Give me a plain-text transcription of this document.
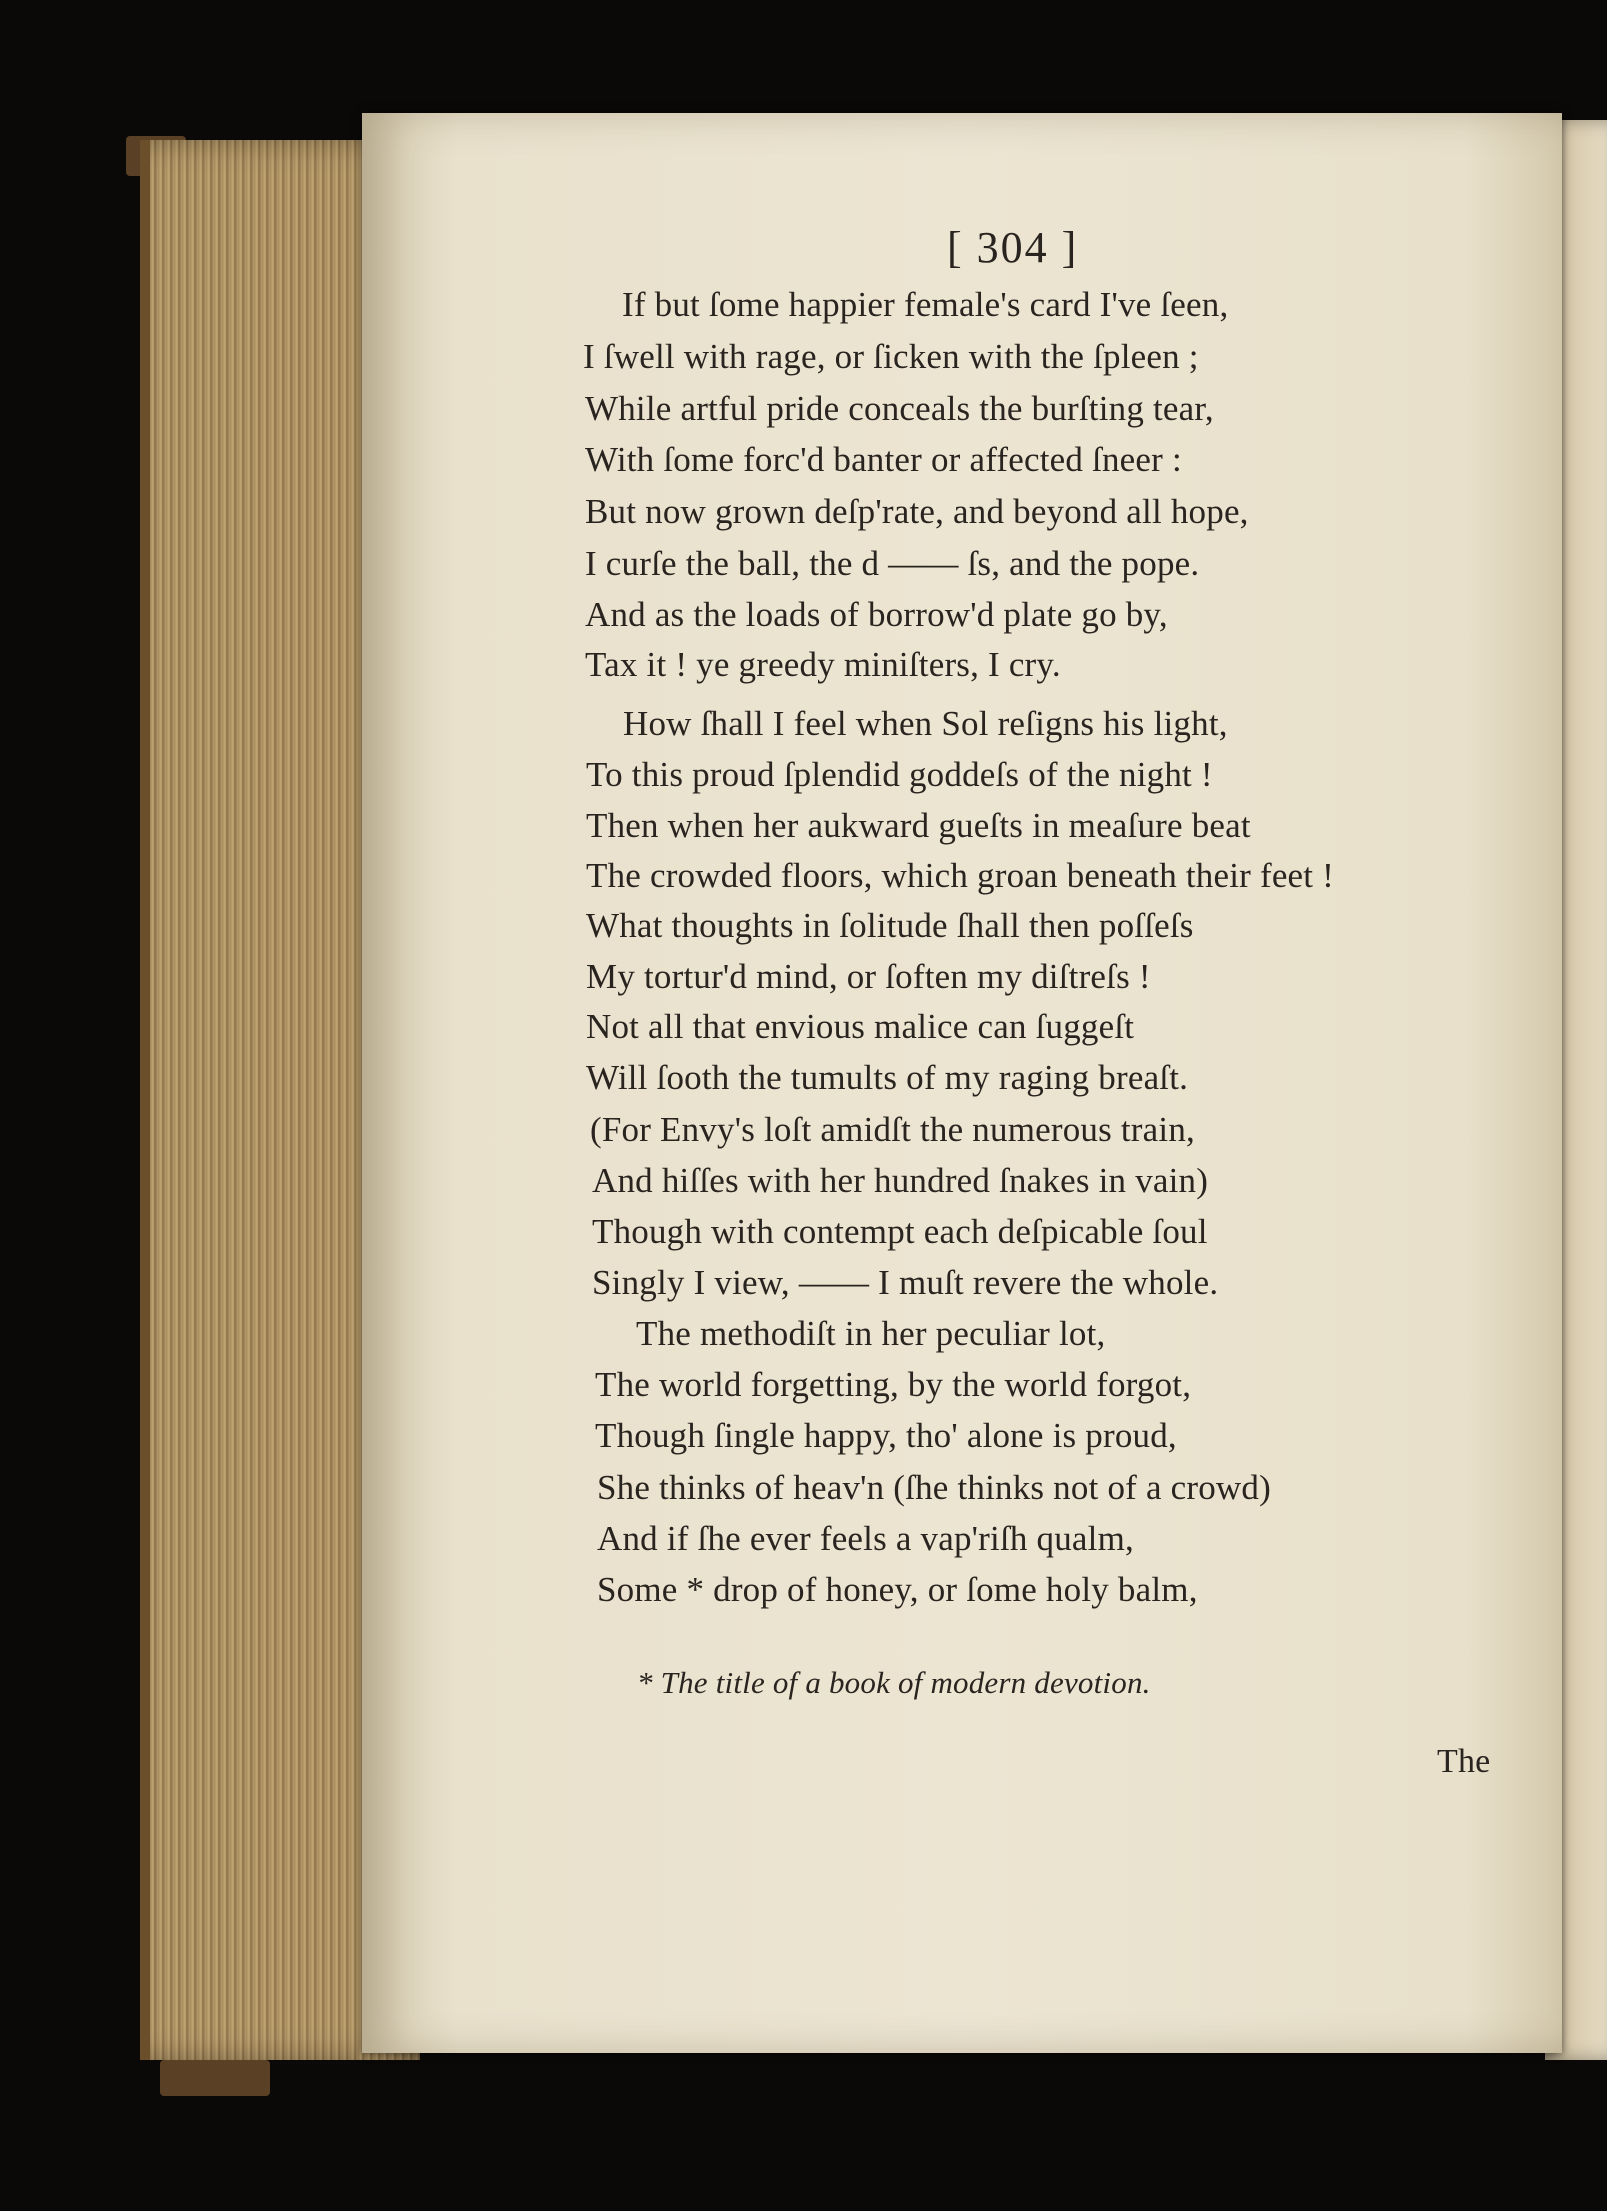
[ 304 ]
If but ſome happier female's card I've ſeen,
I ſwell with rage, or ſicken with the ſpleen ;
While artful pride conceals the burſting tear,
With ſome forc'd banter or affected ſneer :
But now grown deſp'rate, and beyond all hope,
I curſe the ball, the d —— ſs, and the pope.
And as the loads of borrow'd plate go by,
Tax it ! ye greedy miniſters, I cry.
How ſhall I feel when Sol reſigns his light,
To this proud ſplendid goddeſs of the night !
Then when her aukward gueſts in meaſure beat
The crowded floors, which groan beneath their feet !
What thoughts in ſolitude ſhall then poſſeſs
My tortur'd mind, or ſoften my diſtreſs !
Not all that envious malice can ſuggeſt
Will ſooth the tumults of my raging breaſt.
(For Envy's loſt amidſt the numerous train,
And hiſſes with her hundred ſnakes in vain)
Though with contempt each deſpicable ſoul
Singly I view, —— I muſt revere the whole.
The methodiſt in her peculiar lot,
The world forgetting, by the world forgot,
Though ſingle happy, tho' alone is proud,
She thinks of heav'n (ſhe thinks not of a crowd)
And if ſhe ever feels a vap'riſh qualm,
Some * drop of honey, or ſome holy balm,
* The title of a book of modern devotion.
The
